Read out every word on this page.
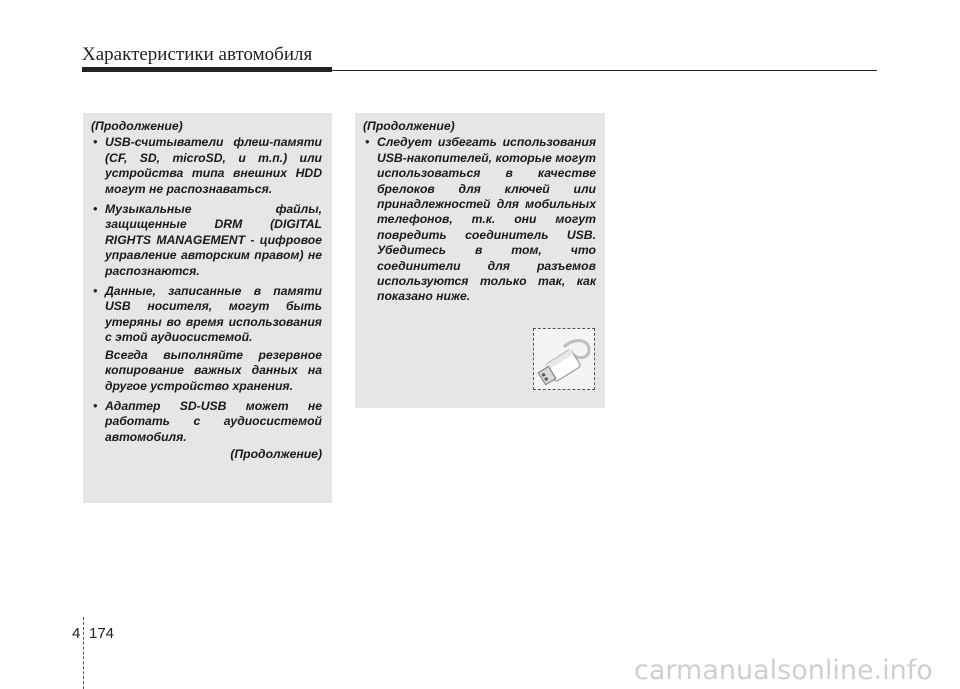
Характеристики автомобиля
(Продолжение)
• USB-считыватели флеш-памяти (CF, SD, microSD, и т.п.) или устройства типа внешних HDD могут не распознаваться.
• Музыкальные файлы, защищенные DRM (DIGITAL RIGHTS MANAGEMENT - цифровое управление авторским правом) не распознаются.
• Данные, записанные в памяти USB носителя, могут быть утеряны во время использования с этой аудиосистемой.
Всегда выполняйте резервное копирование важных данных на другое устройство хранения.
• Адаптер SD-USB может не работать с аудиосистемой автомобиля.
(Продолжение)
(Продолжение)
• Следует избегать использования USB-накопителей, которые могут использоваться в качестве брелоков для ключей или принадлежностей для мобильных телефонов, т.к. они могут повредить соединитель USB. Убедитесь в том, что соединители для разъемов используются только так, как показано ниже.
4 174
carmanualsonline.info
